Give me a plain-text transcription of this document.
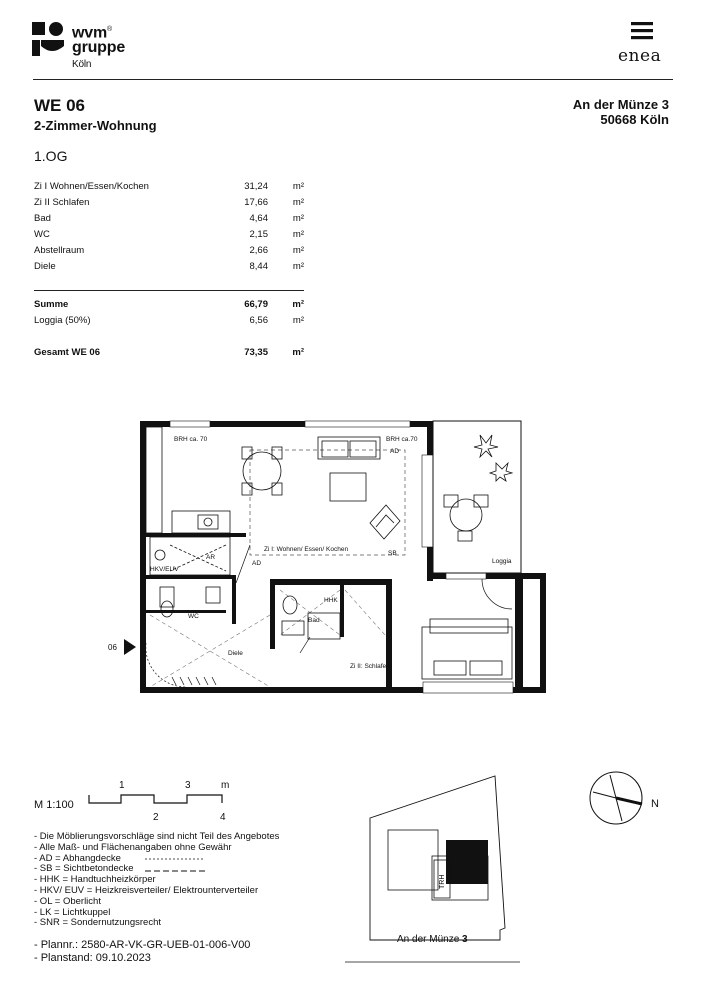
wvm®
gruppe
Köln	enea
WE 06
2-Zimmer-Wohnung
1.OG
An der Münze 3
50668 Köln
Zi I Wohnen/Essen/Kochen	31,24	m²
Zi II Schlafen	17,66	m²
Bad	4,64	m²
WC	2,15	m²
Abstellraum	2,66	m²
Diele	8,44	m²

Summe	66,79	m²
Loggia (50%)	6,56	m²

Gesamt WE 06	73,35	m²
BRH ca. 70	BRH ca.70
AD
AR
HKV/EUV
AD
Zi I: Wohnen/ Essen/ Kochen
SB
Loggia
WC
HHK
Bad
Diele
Zi II: Schlafen
06
M 1:100
1	3	m
2	4
N
- Die Möblierungsvorschläge sind nicht Teil des Angebotes
- Alle Maß- und Flächenangaben ohne Gewähr
- AD = Abhangdecke
- SB = Sichtbetondecke
- HHK = Handtuchheizkörper
- HKV/ EUV = Heizkreisverteiler/ Elektrounterverteiler
- OL = Oberlicht
- LK = Lichtkuppel
- SNR = Sondernutzungsrecht
- Plannr.: 2580-AR-VK-GR-UEB-01-006-V00
- Planstand: 09.10.2023
TRH
An der Münze 3
